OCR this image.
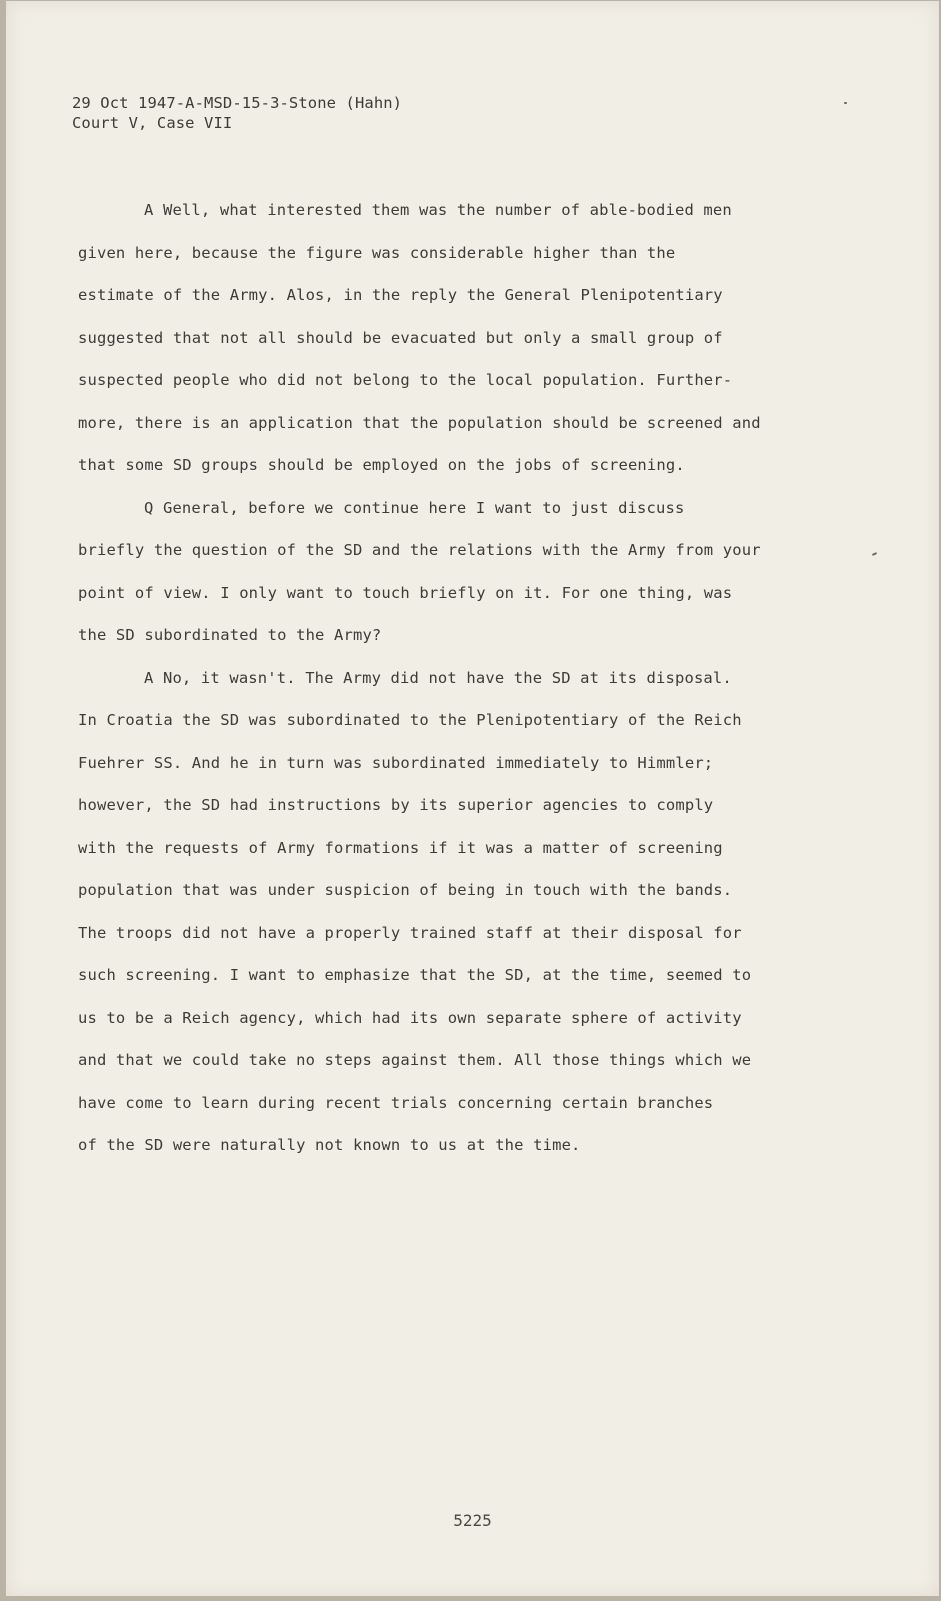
29 Oct 1947-A-MSD-15-3-Stone (Hahn)
Court V, Case VII
A Well, what interested them was the number of able-bodied men
given here, because the figure was considerable higher than the
estimate of the Army. Alos, in the reply the General Plenipotentiary
suggested that not all should be evacuated but only a small group of
suspected people who did not belong to the local population. Further-
more, there is an application that the population should be screened and
that some SD groups should be employed on the jobs of screening.
Q General, before we continue here I want to just discuss
briefly the question of the SD and the relations with the Army from your
point of view. I only want to touch briefly on it. For one thing, was
the SD subordinated to the Army?
A No, it wasn't. The Army did not have the SD at its disposal.
In Croatia the SD was subordinated to the Plenipotentiary of the Reich
Fuehrer SS. And he in turn was subordinated immediately to Himmler;
however, the SD had instructions by its superior agencies to comply
with the requests of Army formations if it was a matter of screening
population that was under suspicion of being in touch with the bands.
The troops did not have a properly trained staff at their disposal for
such screening. I want to emphasize that the SD, at the time, seemed to
us to be a Reich agency, which had its own separate sphere of activity
and that we could take no steps against them. All those things which we
have come to learn during recent trials concerning certain branches
of the SD were naturally not known to us at the time.
5225
